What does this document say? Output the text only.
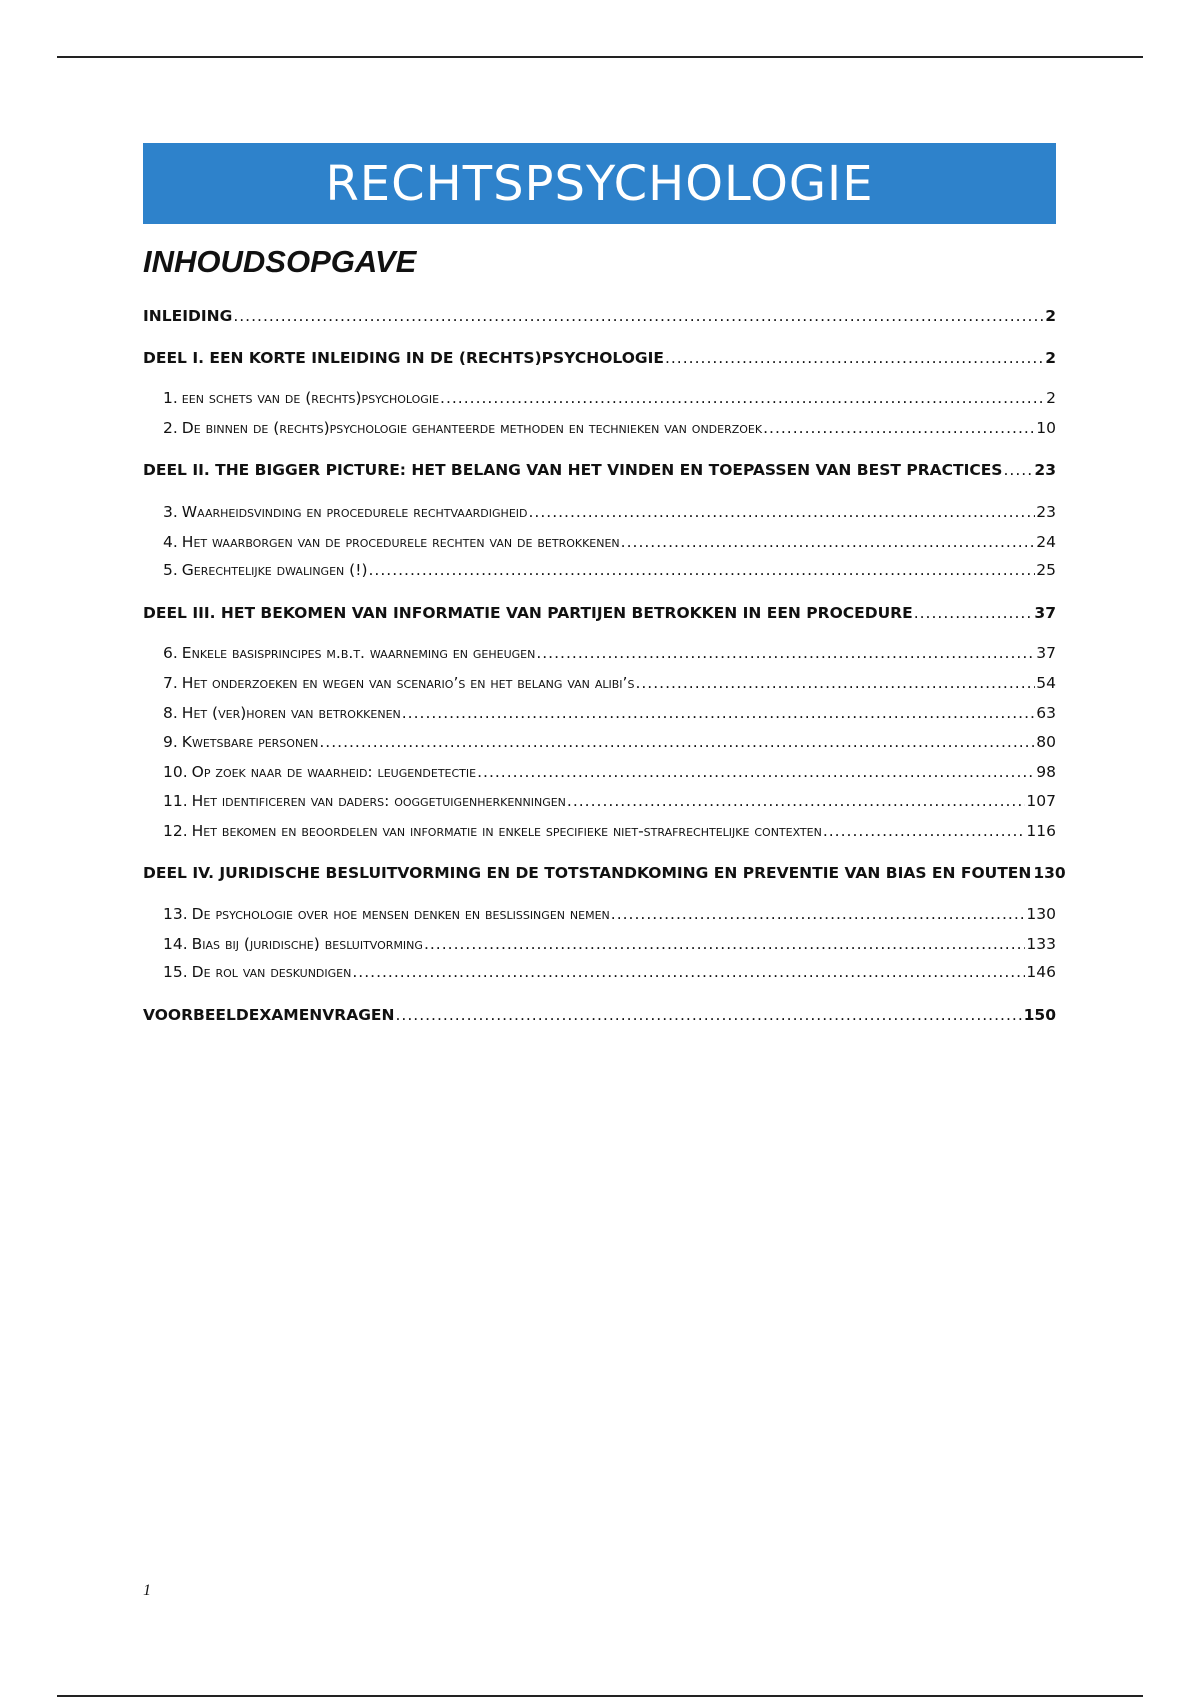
RECHTSPSYCHOLOGIE
INHOUDSOPGAVE
INLEIDING .....	2
DEEL I. EEN KORTE INLEIDING IN DE (RECHTS)PSYCHOLOGIE .....	2
1. een schets van de (rechts)psychologie .....	2
2. De binnen de (rechts)psychologie gehanteerde methoden en technieken van onderzoek .....	10
DEEL II. THE BIGGER PICTURE: HET BELANG VAN HET VINDEN EN TOEPASSEN VAN BEST PRACTICES ..... 23
3. Waarheidsvinding en procedurele rechtvaardigheid .....	23
4. Het waarborgen van de procedurele rechten van de betrokkenen .....	24
5. Gerechtelijke dwalingen (!) .....	25
DEEL III. HET BEKOMEN VAN INFORMATIE VAN PARTIJEN BETROKKEN IN EEN PROCEDURE .....	37
6. Enkele basisprincipes m.b.t. waarneming en geheugen .....	37
7. Het onderzoeken en wegen van scenario’s en het belang van alibi’s .....	54
8. Het (ver)horen van betrokkenen .....	63
9. Kwetsbare personen .....	80
10. Op zoek naar de waarheid: leugendetectie .....	98
11. Het identificeren van daders: ooggetuigenherkenningen .....	107
12. Het bekomen en beoordelen van informatie in enkele specifieke niet-strafrechtelijke contexten .....	116
DEEL IV. JURIDISCHE BESLUITVORMING EN DE TOTSTANDKOMING EN PREVENTIE VAN BIAS EN FOUTEN 130
13. De psychologie over hoe mensen denken en beslissingen nemen .....	130
14. Bias bij (juridische) besluitvorming .....	133
15. De rol van deskundigen .....	146
VOORBEELDEXAMENVRAGEN .....	150
1
